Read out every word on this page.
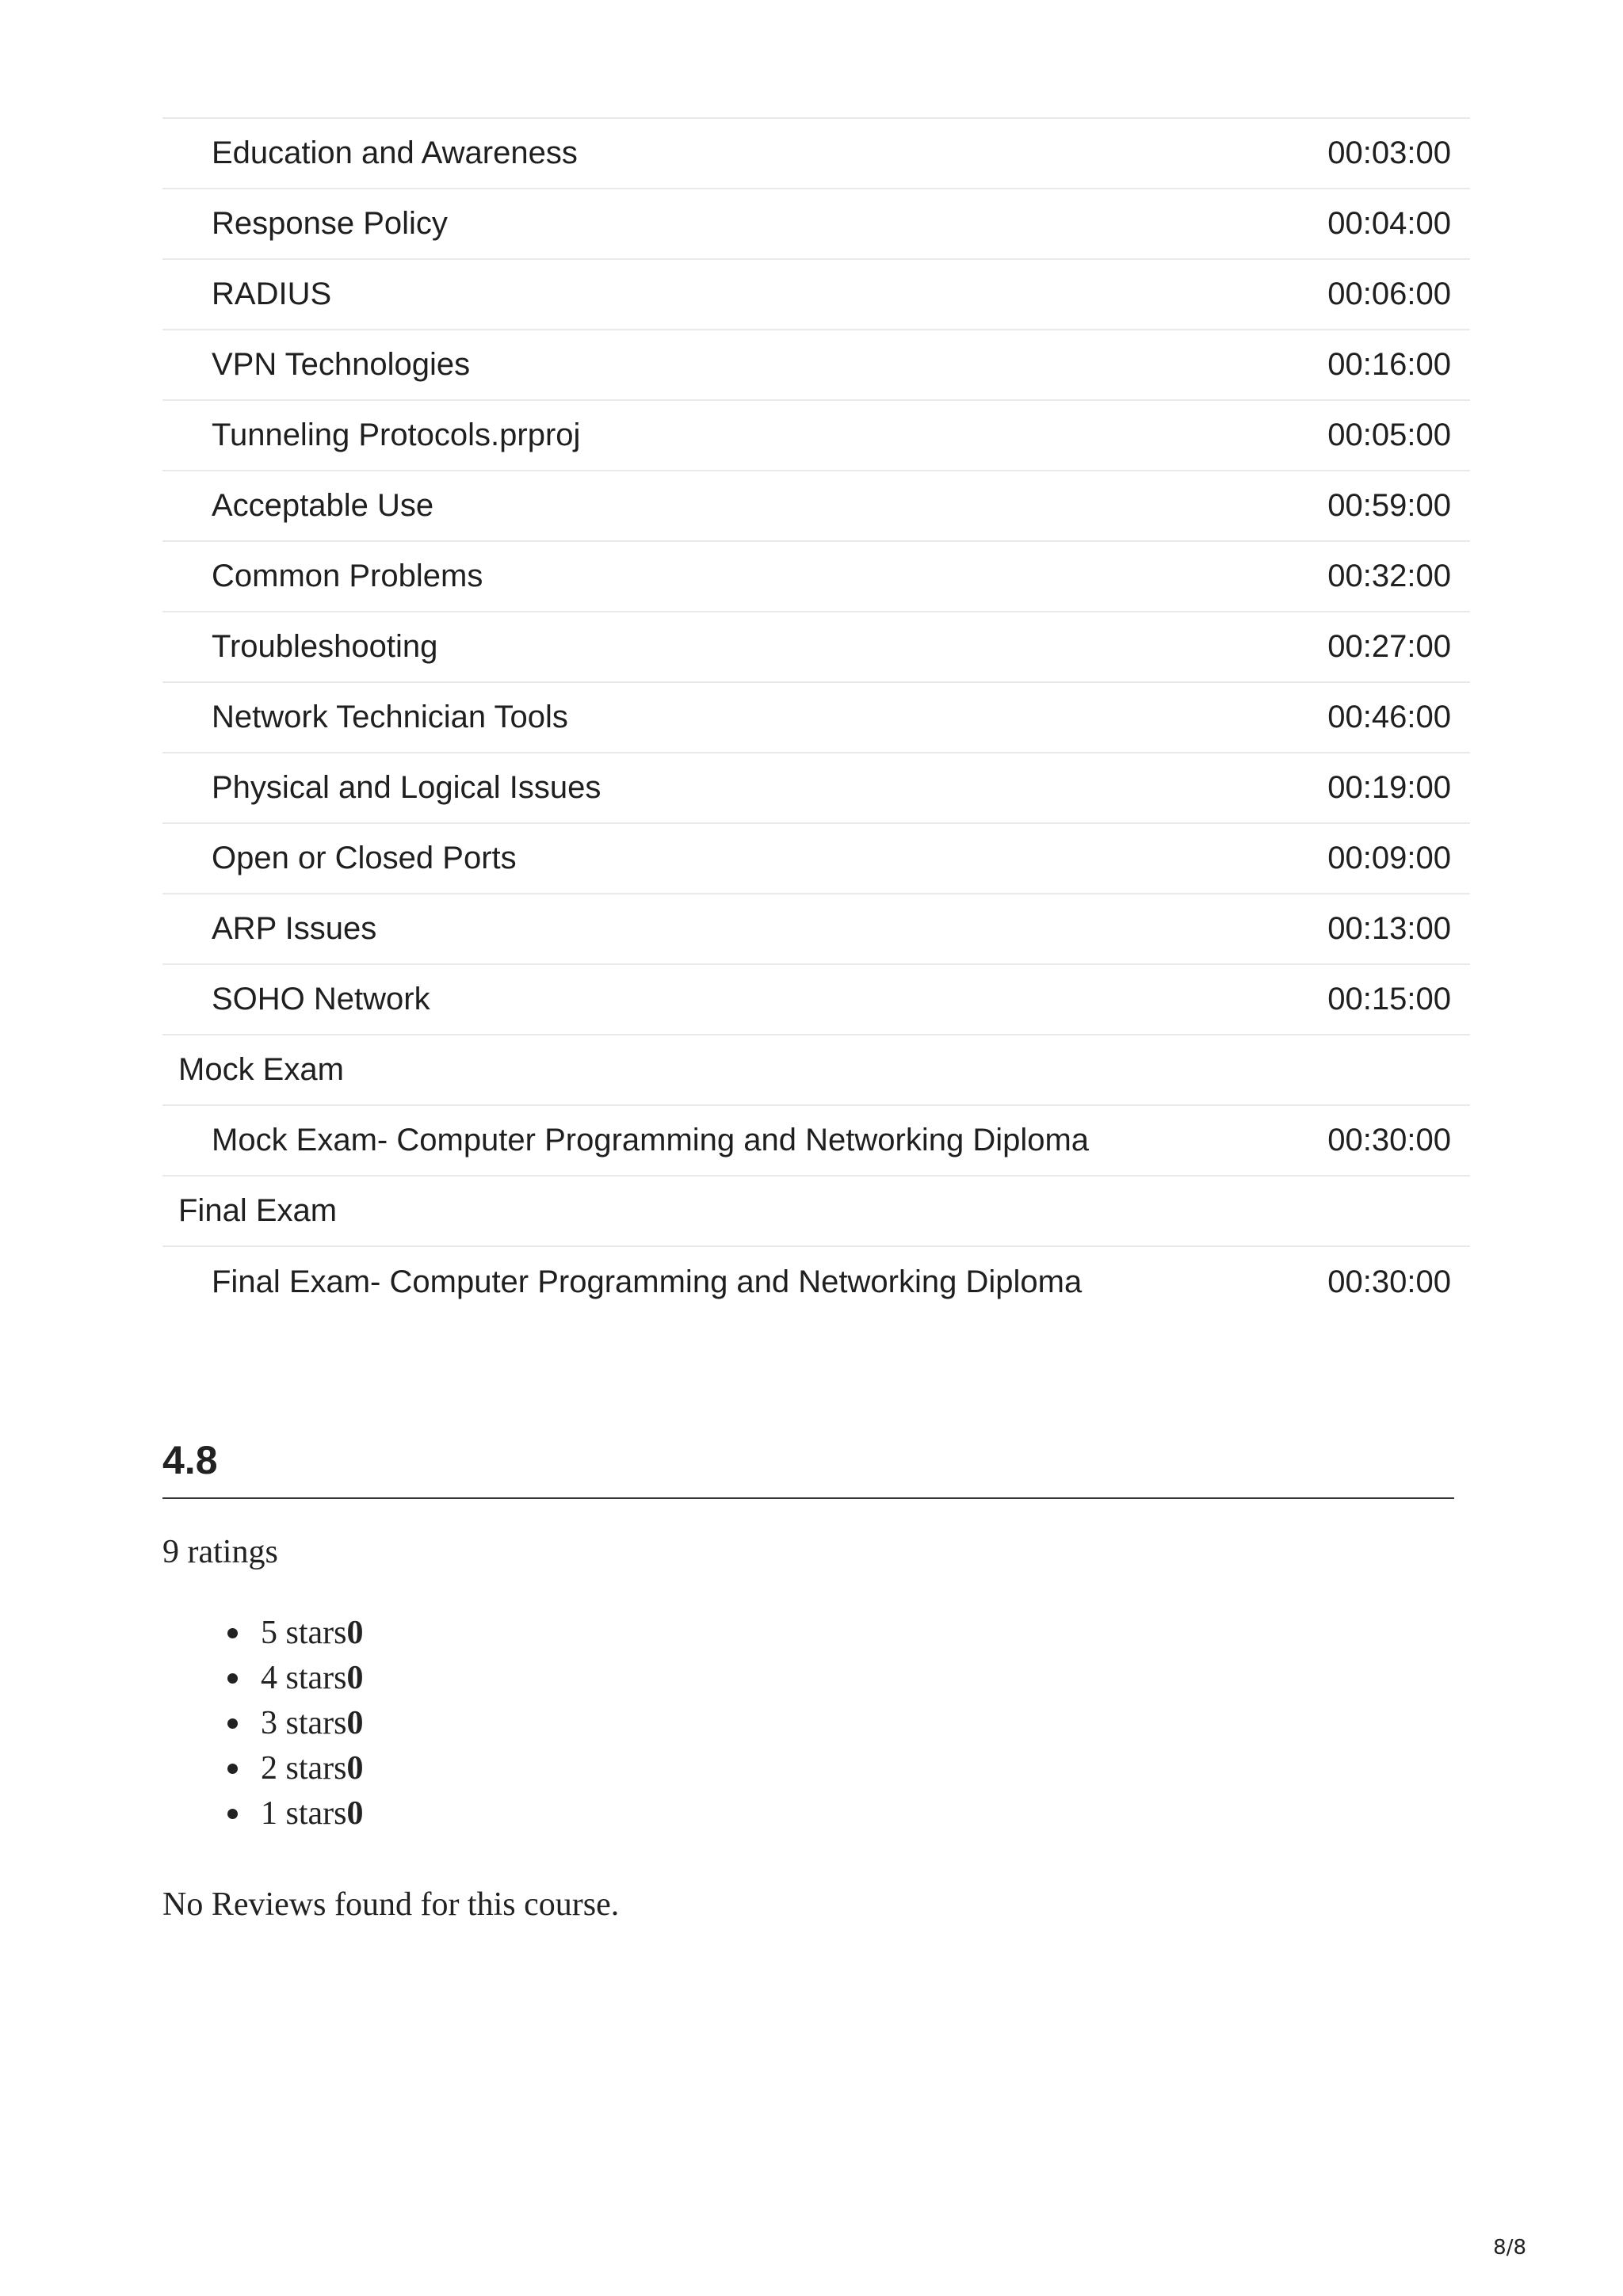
Education and Awareness	00:03:00
Response Policy	00:04:00
RADIUS	00:06:00
VPN Technologies	00:16:00
Tunneling Protocols.prproj	00:05:00
Acceptable Use	00:59:00
Common Problems	00:32:00
Troubleshooting	00:27:00
Network Technician Tools	00:46:00
Physical and Logical Issues	00:19:00
Open or Closed Ports	00:09:00
ARP Issues	00:13:00
SOHO Network	00:15:00
Mock Exam
Mock Exam- Computer Programming and Networking Diploma	00:30:00
Final Exam
Final Exam- Computer Programming and Networking Diploma	00:30:00
4.8
9 ratings
5 stars0
4 stars0
3 stars0
2 stars0
1 stars0
No Reviews found for this course.
8/8
